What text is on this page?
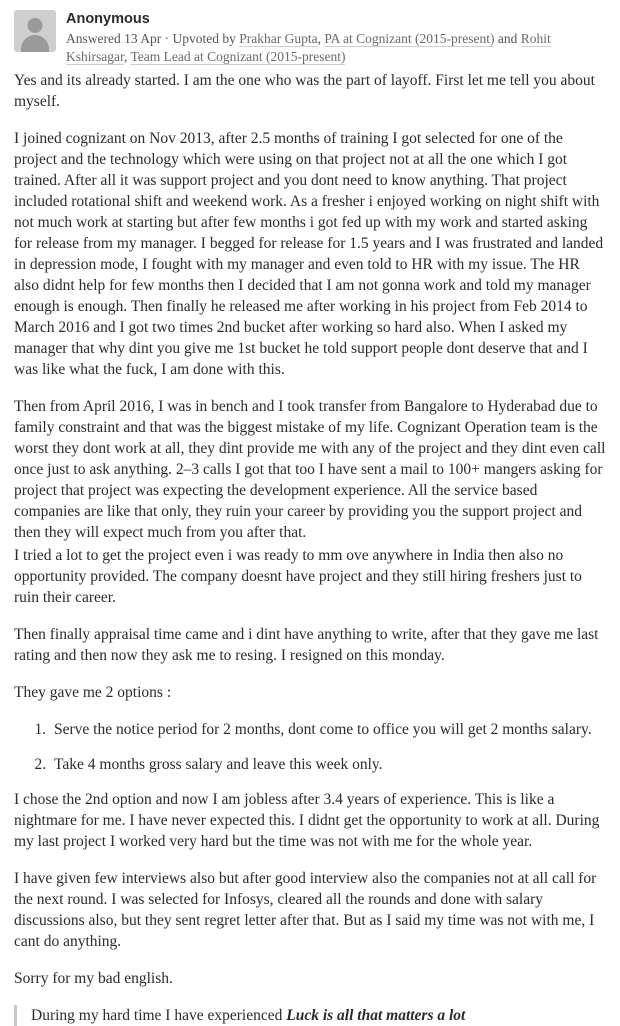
Anonymous
Answered 13 Apr · Upvoted by Prakhar Gupta, PA at Cognizant (2015-present) and Rohit Kshirsagar, Team Lead at Cognizant (2015-present)

Yes and its already started. I am the one who was the part of layoff. First let me tell you about myself.

I joined cognizant on Nov 2013, after 2.5 months of training I got selected for one of the project and the technology which were using on that project not at all the one which I got trained. After all it was support project and you dont need to know anything. That project included rotational shift and weekend work. As a fresher i enjoyed working on night shift with not much work at starting but after few months i got fed up with my work and started asking for release from my manager. I begged for release for 1.5 years and I was frustrated and landed in depression mode, I fought with my manager and even told to HR with my issue. The HR also didnt help for few months then I decided that I am not gonna work and told my manager enough is enough. Then finally he released me after working in his project from Feb 2014 to March 2016 and I got two times 2nd bucket after working so hard also. When I asked my manager that why dint you give me 1st bucket he told support people dont deserve that and I was like what the fuck, I am done with this.

Then from April 2016, I was in bench and I took transfer from Bangalore to Hyderabad due to family constraint and that was the biggest mistake of my life. Cognizant Operation team is the worst they dont work at all, they dint provide me with any of the project and they dint even call once just to ask anything. 2–3 calls I got that too I have sent a mail to 100+ mangers asking for project that project was expecting the development experience. All the service based companies are like that only, they ruin your career by providing you the support project and then they will expect much from you after that.

I tried a lot to get the project even i was ready to mm ove anywhere in India then also no opportunity provided. The company doesnt have project and they still hiring freshers just to ruin their career.

Then finally appraisal time came and i dint have anything to write, after that they gave me last rating and then now they ask me to resing. I resigned on this monday.

They gave me 2 options :

1. Serve the notice period for 2 months, dont come to office you will get 2 months salary.
2. Take 4 months gross salary and leave this week only.

I chose the 2nd option and now I am jobless after 3.4 years of experience. This is like a nightmare for me. I have never expected this. I didnt get the opportunity to work at all. During my last project I worked very hard but the time was not with me for the whole year.

I have given few interviews also but after good interview also the companies not at all call for the next round. I was selected for Infosys, cleared all the rounds and done with salary discussions also, but they sent regret letter after that. But as I said my time was not with me, I cant do anything.

Sorry for my bad english.

During my hard time I have experienced Luck is all that matters a lot
